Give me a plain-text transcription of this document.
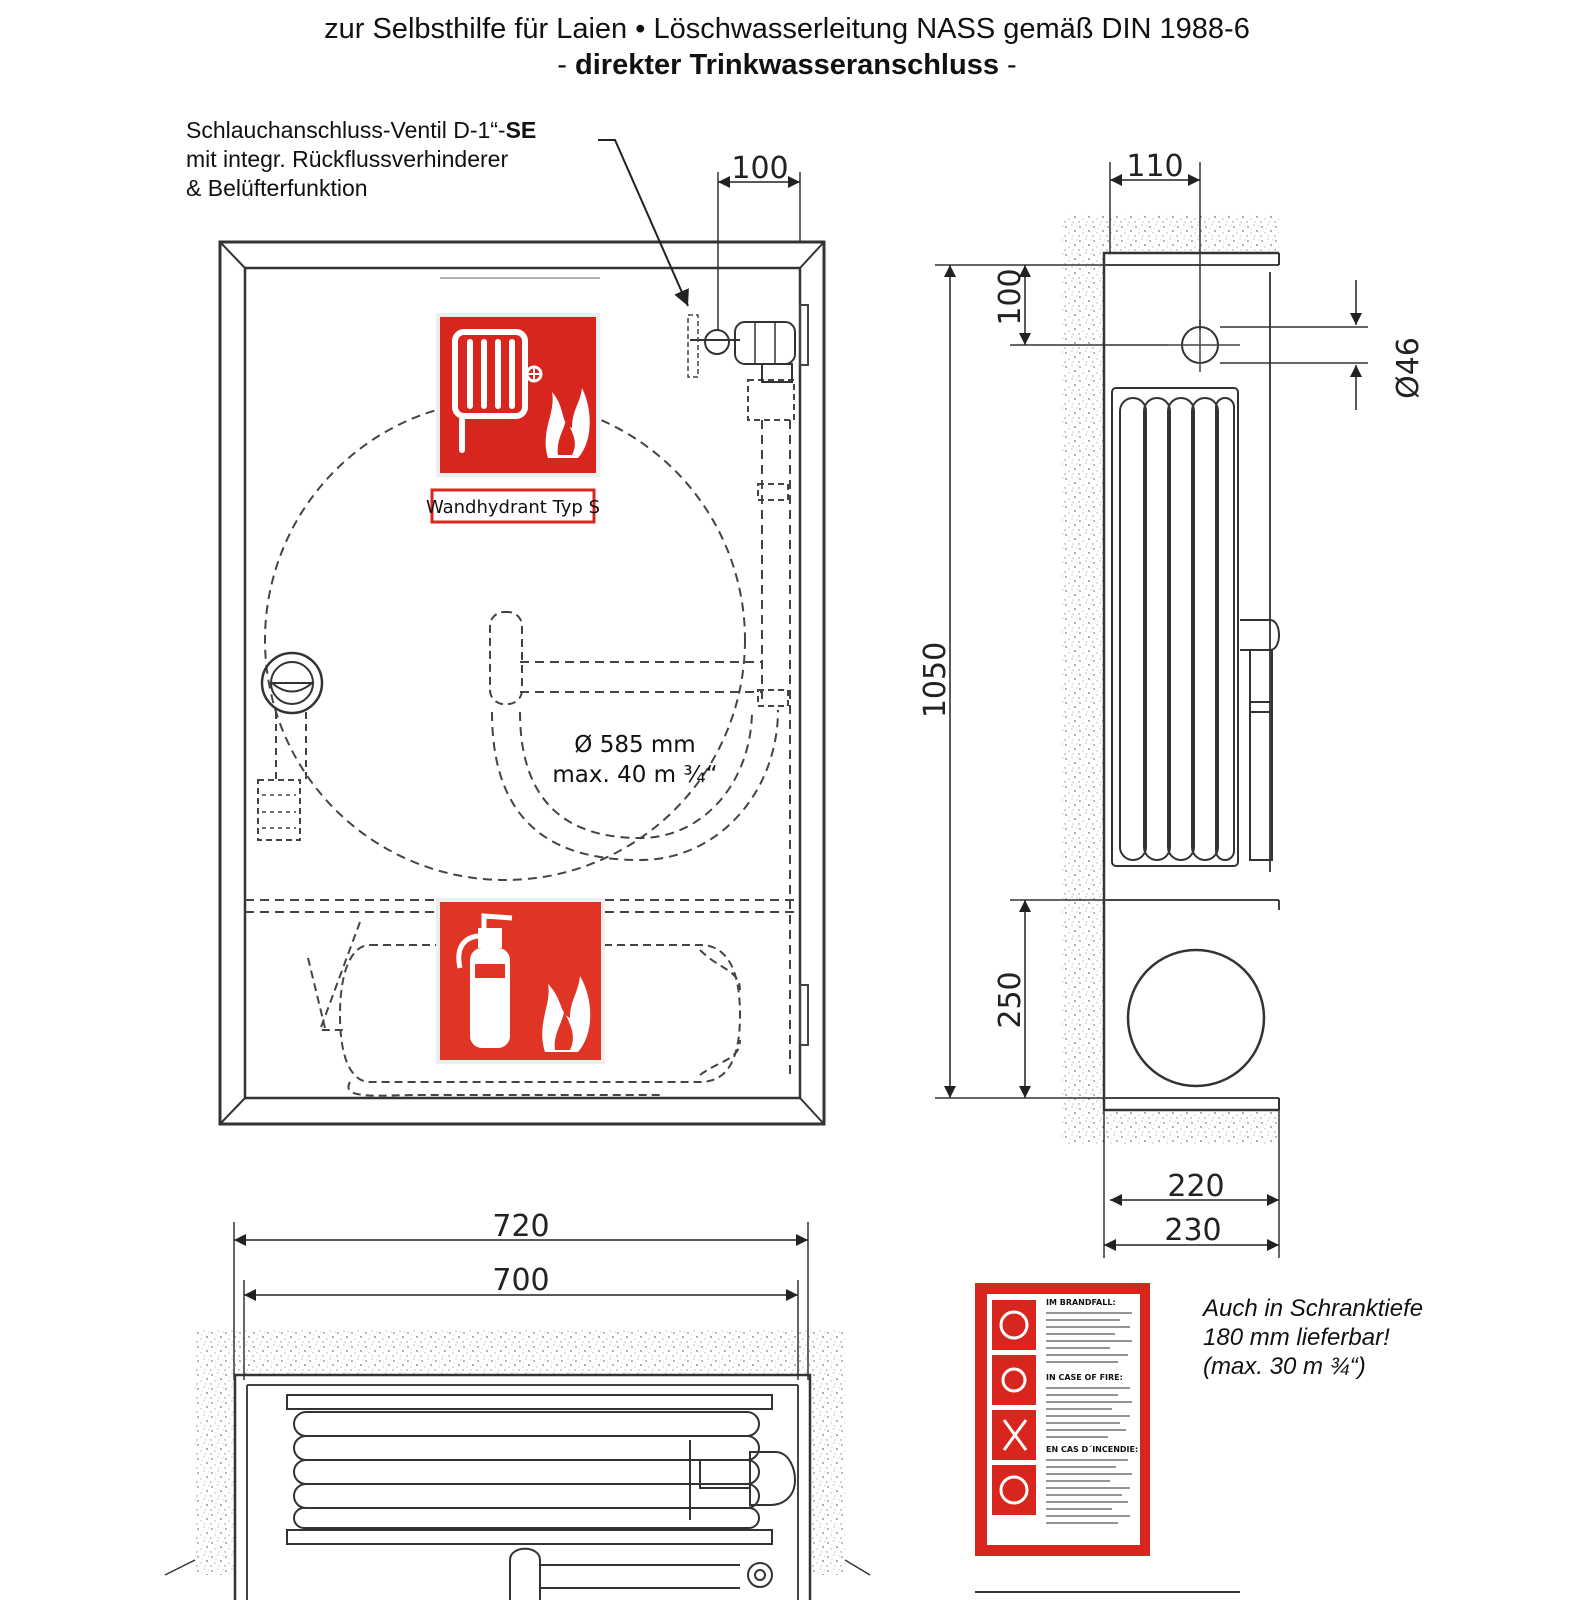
zur Selbsthilfe für Laien • Löschwasserleitung NASS gemäß DIN 1988-6
- direkter Trinkwasseranschluss -
Schlauchanschluss-Ventil D-1“-SE
mit integr. Rückflussverhinderer
& Belüfterfunktion
100
Wandhydrant Typ S
Ø 585 mm
max. 40 m ¾“
110
1050
100
Ø46
250
220
230
720
700
IM BRANDFALL:
IN CASE OF FIRE:
EN CAS D´INCENDIE:
Auch in Schranktiefe
180 mm lieferbar!
(max. 30 m ¾“)
